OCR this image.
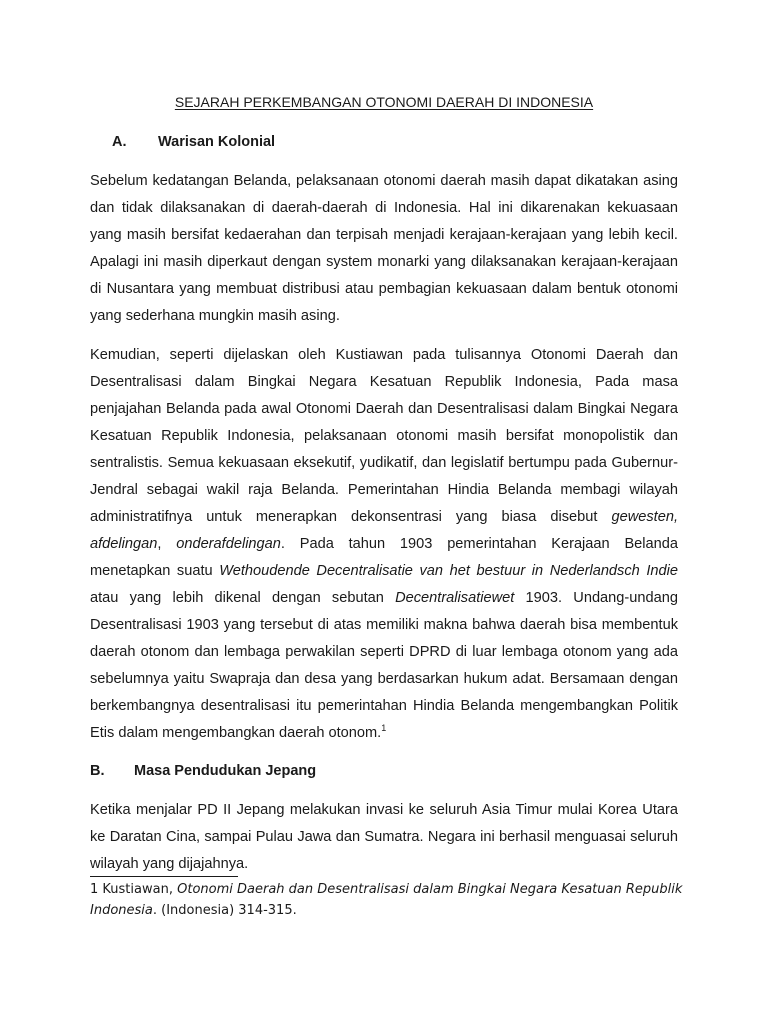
SEJARAH PERKEMBANGAN OTONOMI DAERAH DI INDONESIA
A. Warisan Kolonial

Sebelum kedatangan Belanda, pelaksanaan otonomi daerah masih dapat dikatakan asing dan tidak dilaksanakan di daerah-daerah di Indonesia. Hal ini dikarenakan kekuasaan yang masih bersifat kedaerahan dan terpisah menjadi kerajaan-kerajaan yang lebih kecil. Apalagi ini masih diperkaut dengan system monarki yang dilaksanakan kerajaan-kerajaan di Nusantara yang membuat distribusi atau pembagian kekuasaan dalam bentuk otonomi yang sederhana mungkin masih asing.

Kemudian, seperti dijelaskan oleh Kustiawan pada tulisannya Otonomi Daerah dan Desentralisasi dalam Bingkai Negara Kesatuan Republik Indonesia, Pada masa penjajahan Belanda pada awal Otonomi Daerah dan Desentralisasi dalam Bingkai Negara Kesatuan Republik Indonesia, pelaksanaan otonomi masih bersifat monopolistik dan sentralistis. Semua kekuasaan eksekutif, yudikatif, dan legislatif bertumpu pada Gubernur-Jendral sebagai wakil raja Belanda. Pemerintahan Hindia Belanda membagi wilayah administratifnya untuk menerapkan dekonsentrasi yang biasa disebut gewesten, afdelingan, onderafdelingan. Pada tahun 1903 pemerintahan Kerajaan Belanda menetapkan suatu Wethoudende Decentralisatie van het bestuur in Nederlandsch Indie atau yang lebih dikenal dengan sebutan Decentralisatiewet 1903. Undang-undang Desentralisasi 1903 yang tersebut di atas memiliki makna bahwa daerah bisa membentuk daerah otonom dan lembaga perwakilan seperti DPRD di luar lembaga otonom yang ada sebelumnya yaitu Swapraja dan desa yang berdasarkan hukum adat. Bersamaan dengan berkembangnya desentralisasi itu pemerintahan Hindia Belanda mengembangkan Politik Etis dalam mengembangkan daerah otonom.$^1$

B. Masa Pendudukan Jepang

Ketika menjalar PD II Jepang melakukan invasi ke seluruh Asia Timur mulai Korea Utara ke Daratan Cina, sampai Pulau Jawa dan Sumatra. Negara ini berhasil menguasai seluruh wilayah yang dijajahnya.

1 Kustiawan, Otonomi Daerah dan Desentralisasi dalam Bingkai Negara Kesatuan Republik Indonesia. (Indonesia) 314-315.
